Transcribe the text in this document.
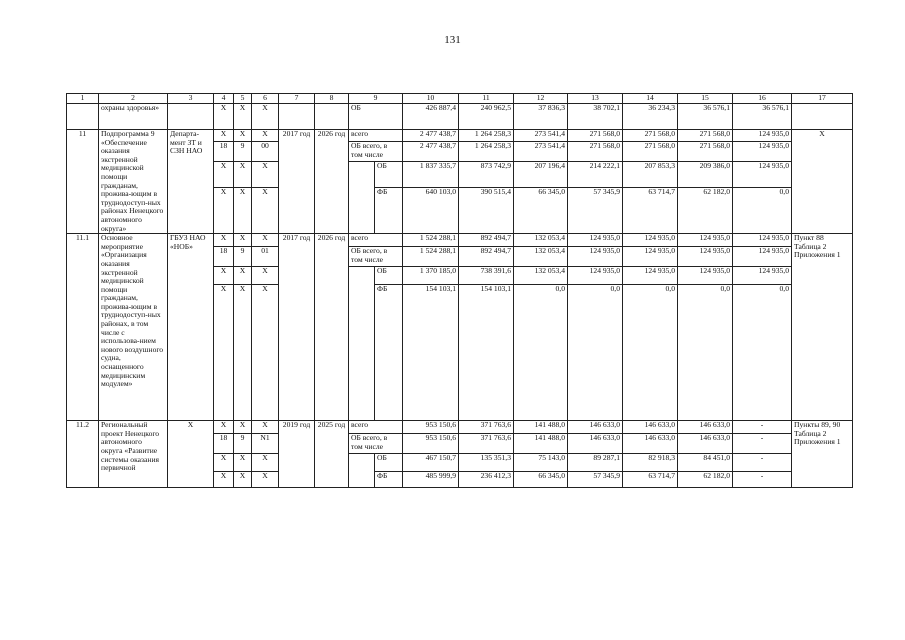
131
1	2	3	4	5	6	7	8	9		10	11	12	13	14	15	16	17
	охраны здоровья»		X	X	X			ОБ		426 887,4	240 962,5	37 836,3	38 702,1	36 234,3	36 576,1	36 576,1	
11	Подпрограмма 9 «Обеспечение оказания экстренной медицинской помощи гражданам, прожива-ющим в труднодоступ-ных районах Ненецкого автономного округа»	Департа-мент ЗТ и СЗН НАО	X	X	X	2017 год	2026 год	всего		2 477 438,7	1 264 258,3	273 541,4	271 568,0	271 568,0	271 568,0	124 935,0	X
			18	9	00			ОБ всего, в том числе		2 477 438,7	1 264 258,3	273 541,4	271 568,0	271 568,0	271 568,0	124 935,0	
			X	X	X				ОБ	1 837 335,7	873 742,9	207 196,4	214 222,1	207 853,3	209 386,0	124 935,0	
			X	X	X				ФБ	640 103,0	390 515,4	66 345,0	57 345,9	63 714,7	62 182,0	0,0	
11.1	Основное мероприятие «Организация оказания экстренной медицинской помощи гражданам, прожива-ющим в труднодоступ-ных районах, в том числе с использова-нием нового воздушного судна, оснащенного медицинским модулем»	ГБУЗ НАО «НОБ»	X	X	X	2017 год	2026 год	всего		1 524 288,1	892 494,7	132 053,4	124 935,0	124 935,0	124 935,0	124 935,0	Пункт 88 Таблица 2 Приложения 1
			18	9	01			ОБ всего, в том числе		1 524 288,1	892 494,7	132 053,4	124 935,0	124 935,0	124 935,0	124 935,0	
			X	X	X				ОБ	1 370 185,0	738 391,6	132 053,4	124 935,0	124 935,0	124 935,0	124 935,0	
			X	X	X				ФБ	154 103,1	154 103,1	0,0	0,0	0,0	0,0	0,0	
11.2	Региональный проект Ненецкого автономного округа «Развитие системы оказания первичной	X	X	X	X	2019 год	2025 год	всего		953 150,6	371 763,6	141 488,0	146 633,0	146 633,0	146 633,0	-	Пункты 89, 90 Таблица 2 Приложения 1
			18	9	N1			ОБ всего, в том числе		953 150,6	371 763,6	141 488,0	146 633,0	146 633,0	146 633,0	-	
			X	X	X				ОБ	467 150,7	135 351,3	75 143,0	89 287,1	82 918,3	84 451,0	-	
			X	X	X				ФБ	485 999,9	236 412,3	66 345,0	57 345,9	63 714,7	62 182,0	-	
